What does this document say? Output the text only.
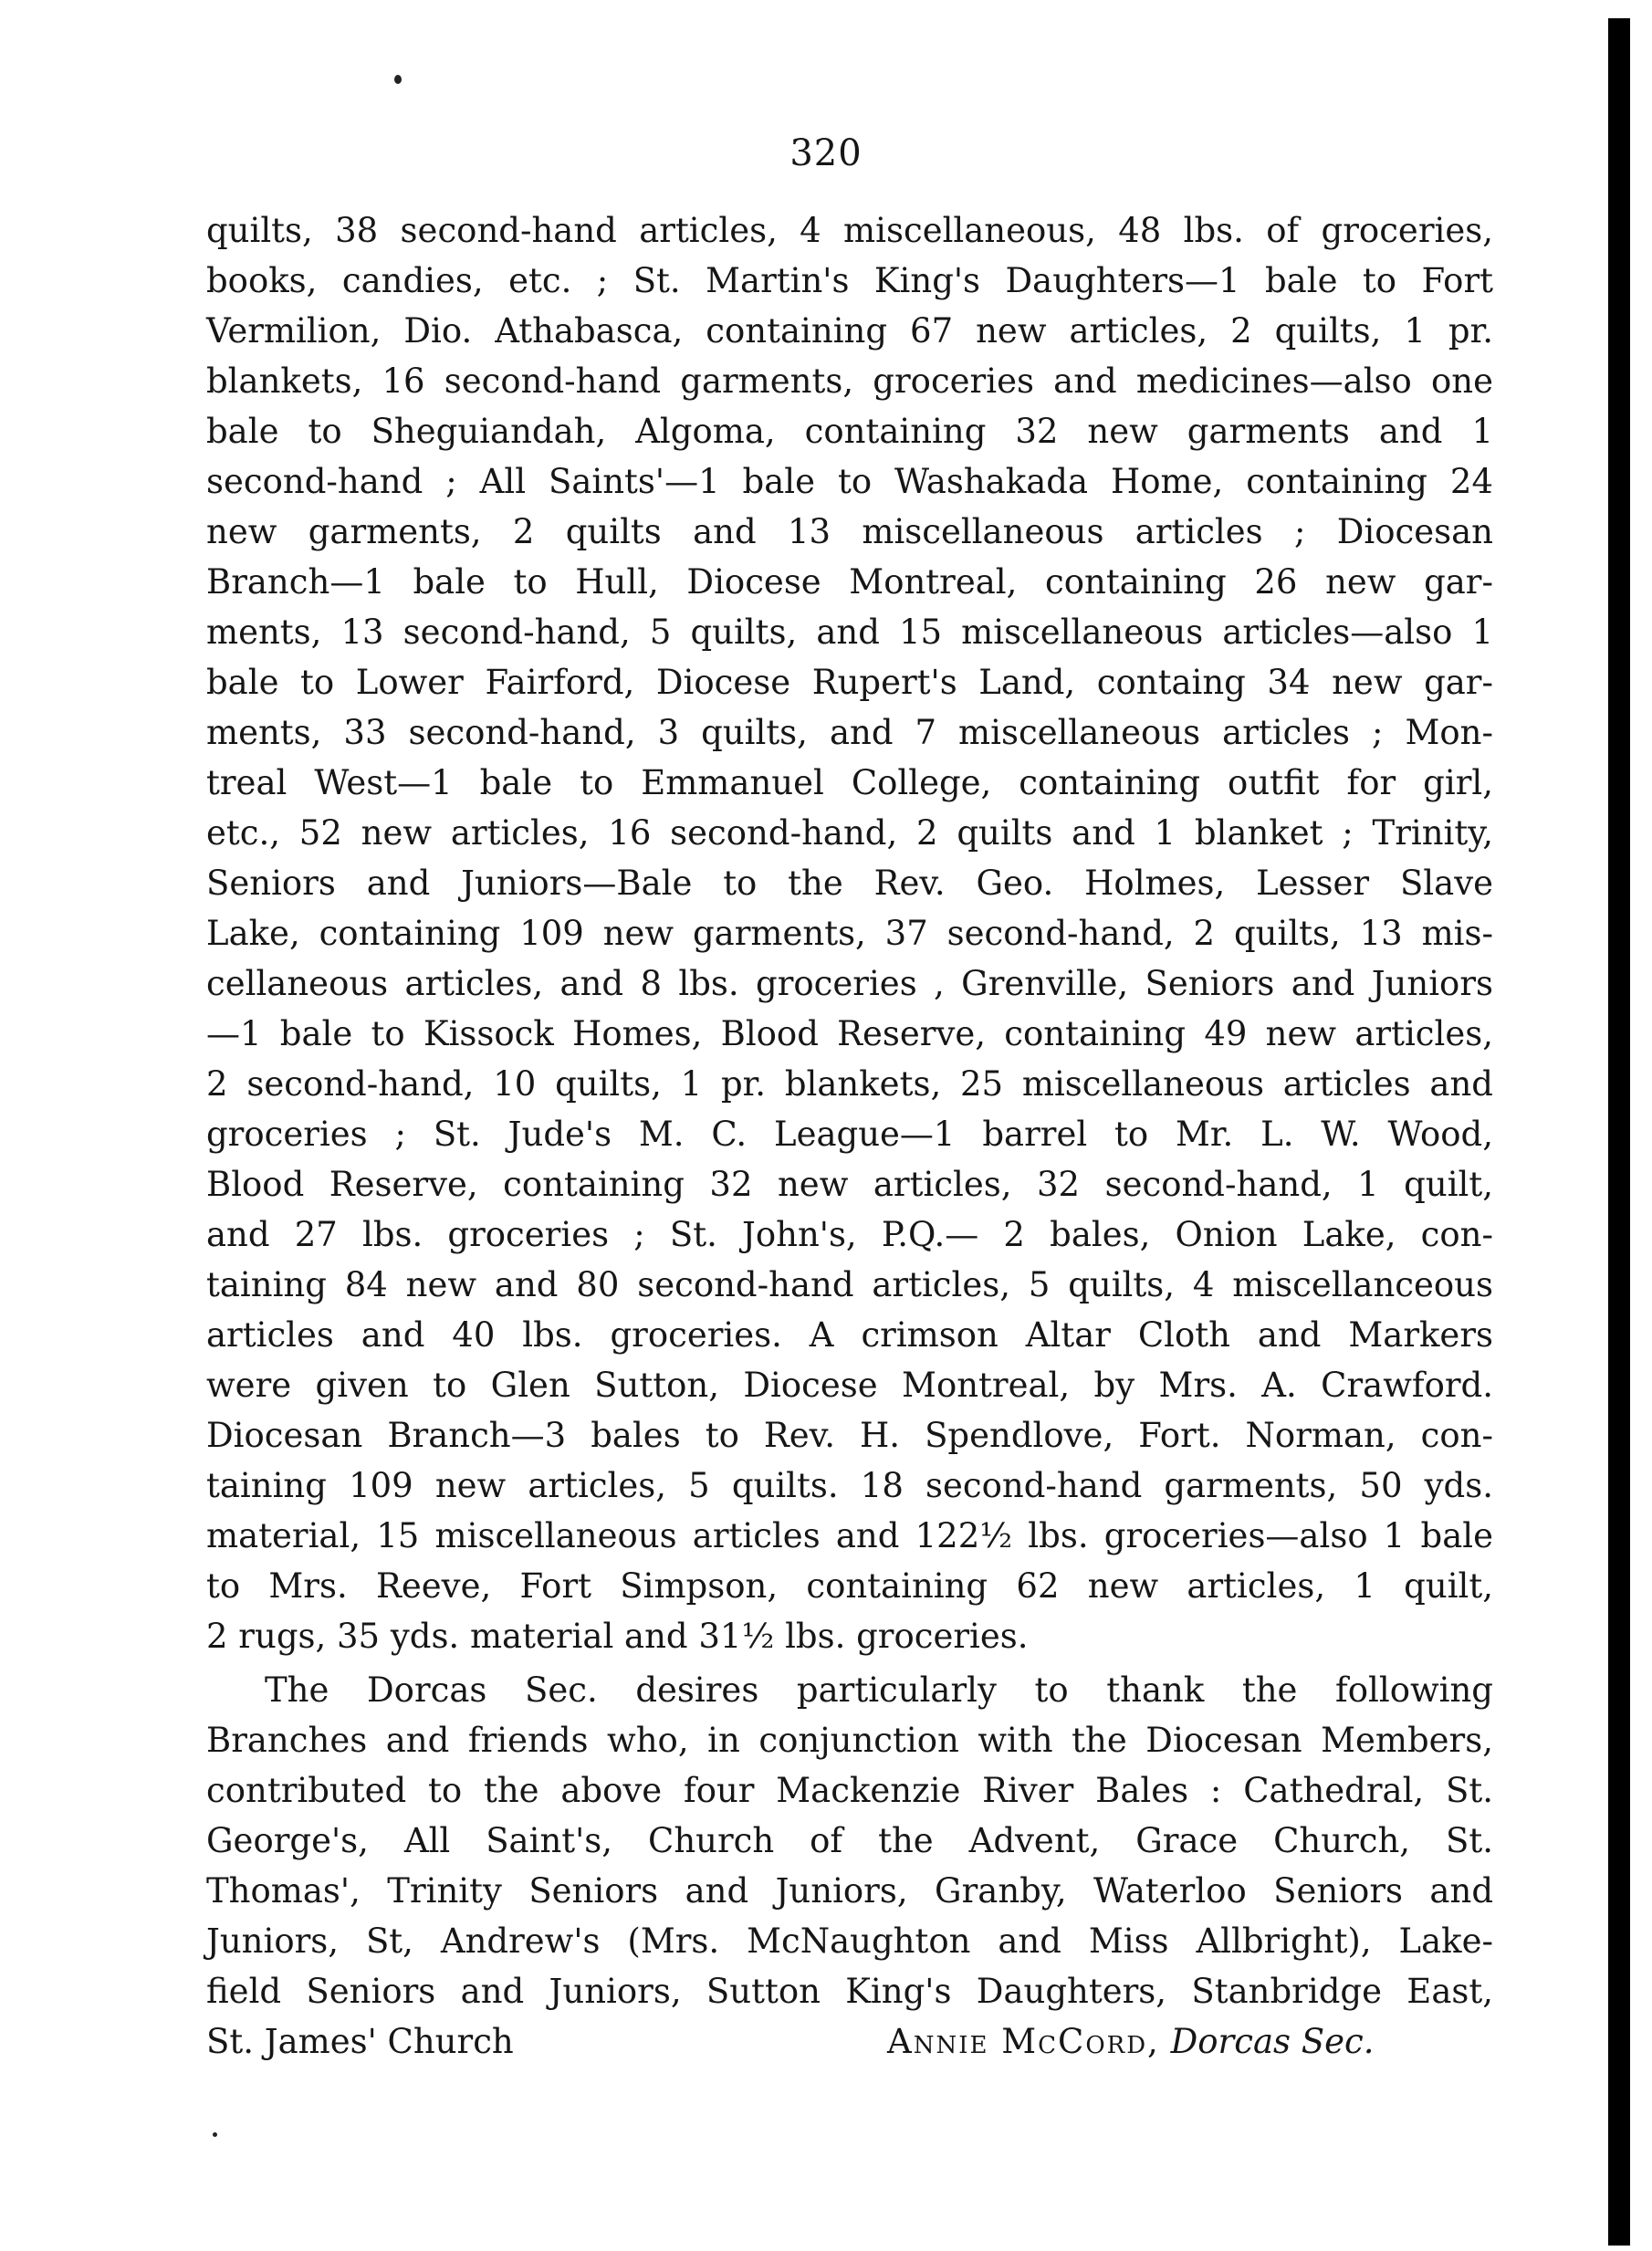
320
quilts, 38 second-hand articles, 4 miscellaneous, 48 lbs. of groceries,
books, candies, etc. ; St. Martin's King's Daughters—1 bale to Fort
Vermilion, Dio. Athabasca, containing 67 new articles, 2 quilts, 1 pr.
blankets, 16 second-hand garments, groceries and medicines—also one
bale to Sheguiandah, Algoma, containing 32 new garments and 1
second-hand ; All Saints'—1 bale to Washakada Home, containing 24
new garments, 2 quilts and 13 miscellaneous articles ; Diocesan
Branch—1 bale to Hull, Diocese Montreal, containing 26 new gar-
ments, 13 second-hand, 5 quilts, and 15 miscellaneous articles—also 1
bale to Lower Fairford, Diocese Rupert's Land, containg 34 new gar-
ments, 33 second-hand, 3 quilts, and 7 miscellaneous articles ; Mon-
treal West—1 bale to Emmanuel College, containing outfit for girl,
etc., 52 new articles, 16 second-hand, 2 quilts and 1 blanket ; Trinity,
Seniors and Juniors—Bale to the Rev. Geo. Holmes, Lesser Slave
Lake, containing 109 new garments, 37 second-hand, 2 quilts, 13 mis-
cellaneous articles, and 8 lbs. groceries , Grenville, Seniors and Juniors
—1 bale to Kissock Homes, Blood Reserve, containing 49 new articles,
2 second-hand, 10 quilts, 1 pr. blankets, 25 miscellaneous articles and
groceries ; St. Jude's M. C. League—1 barrel to Mr. L. W. Wood,
Blood Reserve, containing 32 new articles, 32 second-hand, 1 quilt,
and 27 lbs. groceries ; St. John's, P.Q.— 2 bales, Onion Lake, con-
taining 84 new and 80 second-hand articles, 5 quilts, 4 miscellanceous
articles and 40 lbs. groceries. A crimson Altar Cloth and Markers
were given to Glen Sutton, Diocese Montreal, by Mrs. A. Crawford.
Diocesan Branch—3 bales to Rev. H. Spendlove, Fort. Norman, con-
taining 109 new articles, 5 quilts. 18 second-hand garments, 50 yds.
material, 15 miscellaneous articles and 122½ lbs. groceries—also 1 bale
to Mrs. Reeve, Fort Simpson, containing 62 new articles, 1 quilt,
2 rugs, 35 yds. material and 31½ lbs. groceries.
The Dorcas Sec. desires particularly to thank the following
Branches and friends who, in conjunction with the Diocesan Members,
contributed to the above four Mackenzie River Bales : Cathedral, St.
George's, All Saint's, Church of the Advent, Grace Church, St.
Thomas', Trinity Seniors and Juniors, Granby, Waterloo Seniors and
Juniors, St, Andrew's (Mrs. McNaughton and Miss Allbright), Lake-
field Seniors and Juniors, Sutton King's Daughters, Stanbridge East,
St. James' Church	Annie McCord, Dorcas Sec.
